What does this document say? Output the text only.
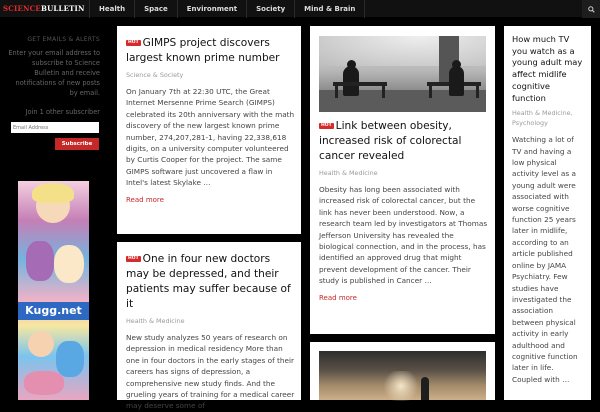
SCIENCEBULLETIN	Health	Space	Environment	Society	Mind & Brain
GET EMAILS & ALERTS
Enter your email address to subscribe to Science Bulletin and receive notifications of new posts by email.
Join 1 other subscriber
Email Address
Subscribe
Kugg.net
HOT GIMPS project discovers largest known prime number
Science & Society
On January 7th at 22:30 UTC, the Great Internet Mersenne Prime Search (GIMPS) celebrated its 20th anniversary with the math discovery of the new largest known prime number, 274,207,281-1, having 22,338,618 digits, on a university computer volunteered by Curtis Cooper for the project. The same GIMPS software just uncovered a flaw in Intel's latest Skylake …
Read more
HOT One in four new doctors may be depressed, and their patients may suffer because of it
Health & Medicine
New study analyzes 50 years of research on depression in medical residency More than one in four doctors in the early stages of their careers has signs of depression, a comprehensive new study finds. And the grueling years of training for a medical career may deserve some of
HOT Link between obesity, increased risk of colorectal cancer revealed
Health & Medicine
Obesity has long been associated with increased risk of colorectal cancer, but the link has never been understood. Now, a research team led by investigators at Thomas Jefferson University has revealed the biological connection, and in the process, has identified an approved drug that might prevent development of the cancer. Their study is published in Cancer …
Read more
How much TV you watch as a young adult may affect midlife cognitive function
Health & Medicine, Psychology
Watching a lot of TV and having a low physical activity level as a young adult were associated with worse cognitive function 25 years later in midlife, according to an article published online by JAMA Psychiatry. Few studies have investigated the association between physical activity in early adulthood and cognitive function later in life. Coupled with …
